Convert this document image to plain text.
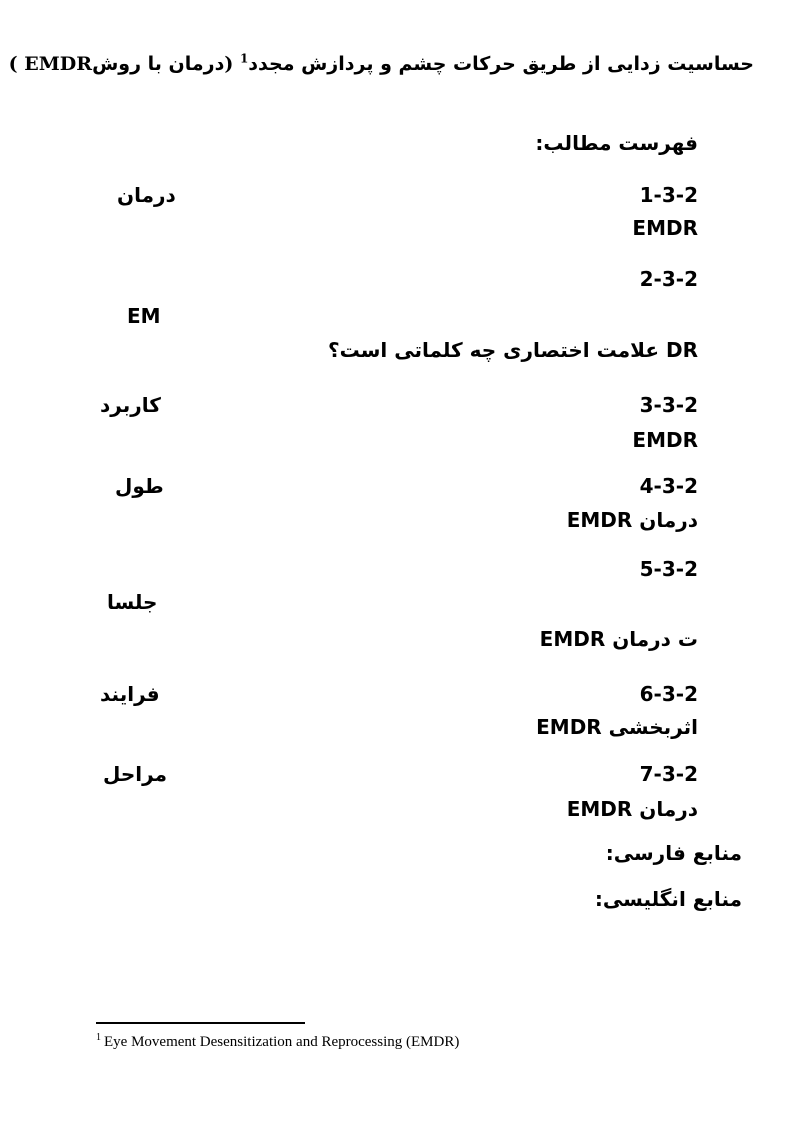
حساسیت زدایی از طریق حرکات چشم و پردازش مجدد$^1$ (درمان با روشEMDR )
فهرست مطالب:
1-3-2
درمان
EMDR
2-3-2
EM
DR علامت اختصاری چه کلماتی است؟
3-3-2
کاربرد
EMDR
4-3-2
طول
درمان EMDR
5-3-2
جلسا
ت درمان EMDR
6-3-2
فرایند
اثربخشی EMDR
7-3-2
مراحل
درمان EMDR
منابع فارسی:
منابع انگلیسی:
$^1$ Eye Movement Desensitization and Reprocessing (EMDR)
